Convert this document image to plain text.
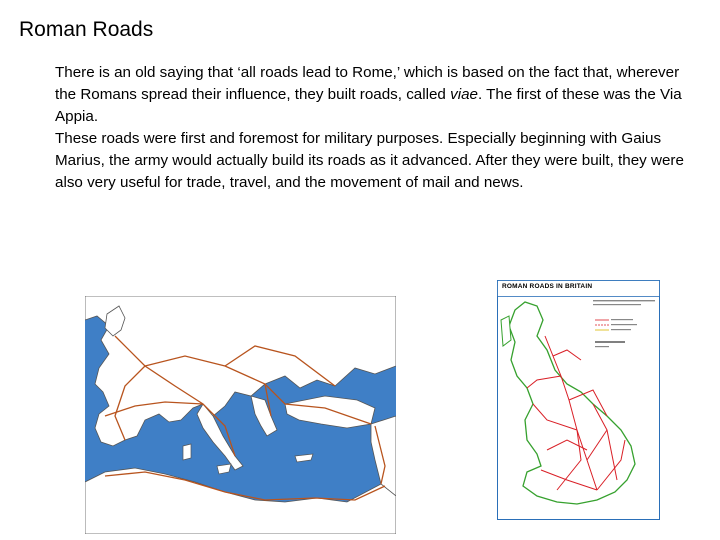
Roman Roads

There is an old saying that ‘all roads lead to Rome,’ which is based on the fact that, wherever the Romans spread their influence, they built roads, called viae. The first of these was the Via Appia.

These roads were first and foremost for military purposes. Especially beginning with Gaius Marius, the army would actually build its roads as it advanced. After they were built, they were also very useful for trade, travel, and the movement of mail and news.

ROMAN ROADS IN BRITAIN
